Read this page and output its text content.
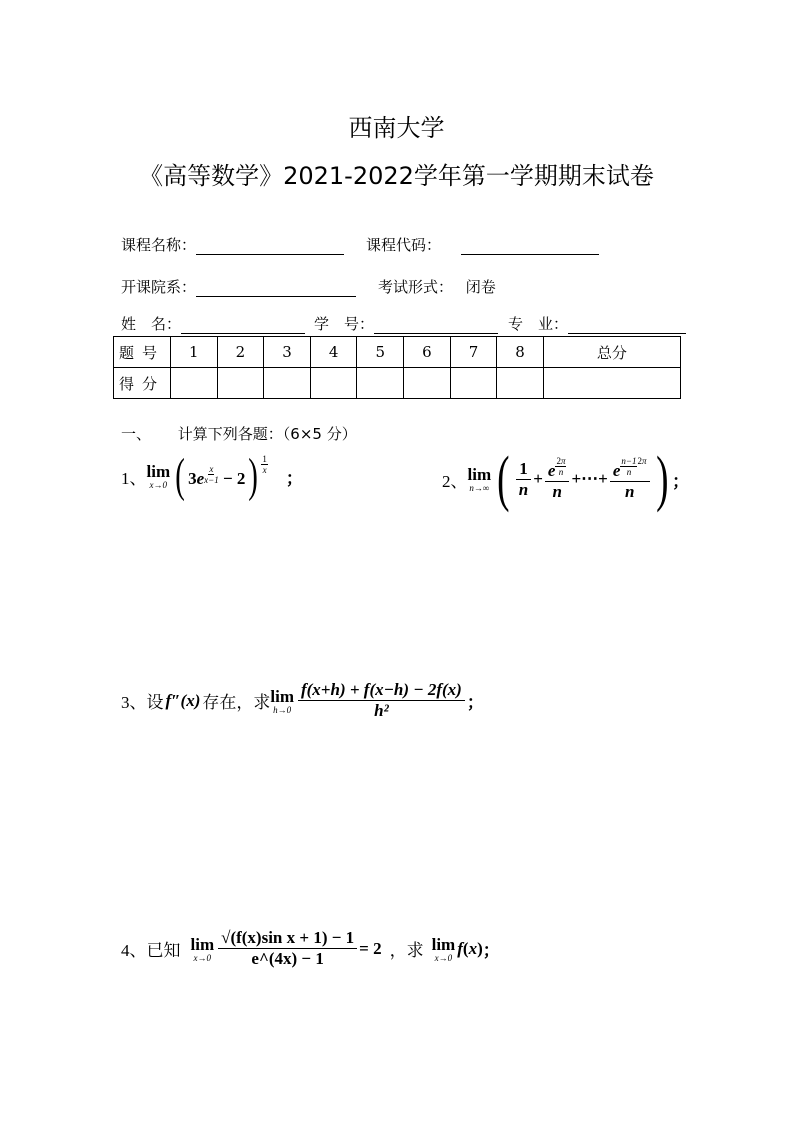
西南大学
《高等数学》2021-2022学年第一学期期末试卷
课程名称：	课程代码：
开课院系：	考试形式： 闭卷
姓　名：	学　号：	专　业：
题号	1	2	3	4	5	6	7	8	总分
得分									
一、 计算下列各题：（6×5 分）
1、 lim
x→0 ( $3e \frac{x}{x-1} - 2$ ) $\frac{1}{x}$
；	2、 lim
n→∞ ( $\frac{1}{n} + \frac{e \frac{2\pi}{n}}{n}$ +⋯+ $\frac{e \frac{n-1}{n} ^{2\pi}}{n}$ ) ；
3、 设 f″(x) 存在，求 lim
$h\to 0 \frac{f(x+h) + f(x-h) - 2f(x)}{\text{h²}}$ ；
4、 已知 lim
$x\to 0 \frac{\text{√(f(x)sin x + 1) − 1}}{e\^{}(4x) - 1} = 2$ ，求 lim
x→0 f (x) ；
